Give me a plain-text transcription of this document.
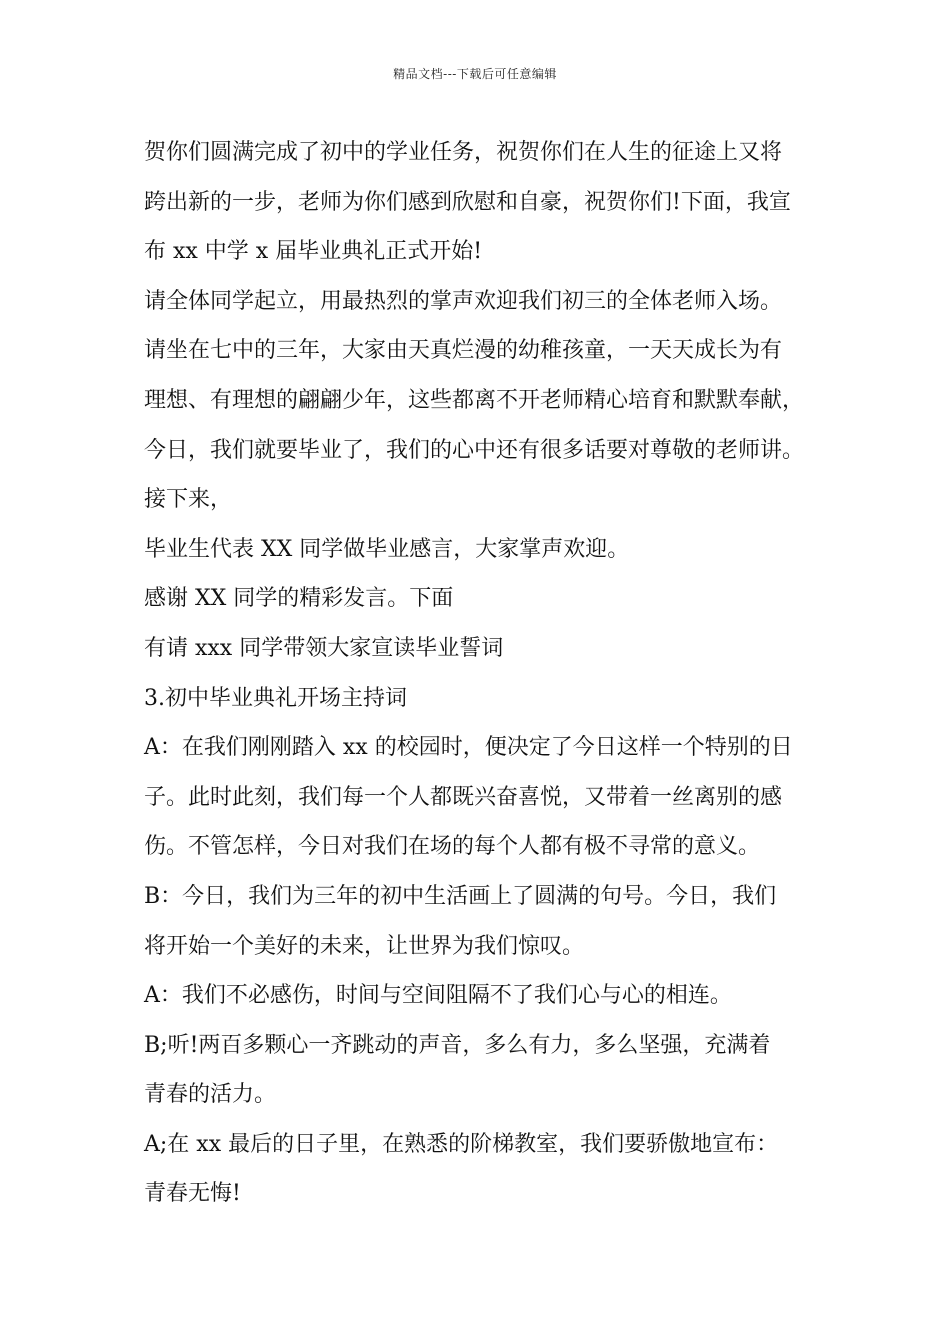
精品文档---下载后可任意编辑
贺你们圆满完成了初中的学业任务，祝贺你们在人生的征途上又将
跨出新的一步，老师为你们感到欣慰和自豪，祝贺你们!下面，我宣
布 xx 中学 x 届毕业典礼正式开始!
请全体同学起立，用最热烈的掌声欢迎我们初三的全体老师入场。
请坐在七中的三年，大家由天真烂漫的幼稚孩童，一天天成长为有
理想、有理想的翩翩少年，这些都离不开老师精心培育和默默奉献，
今日，我们就要毕业了，我们的心中还有很多话要对尊敬的老师讲。
接下来，
毕业生代表 XX 同学做毕业感言，大家掌声欢迎。
感谢 XX 同学的精彩发言。下面
有请 xxx 同学带领大家宣读毕业誓词
3.初中毕业典礼开场主持词
A：在我们刚刚踏入 xx 的校园时，便决定了今日这样一个特别的日
子。此时此刻，我们每一个人都既兴奋喜悦，又带着一丝离别的感
伤。不管怎样，今日对我们在场的每个人都有极不寻常的意义。
B：今日，我们为三年的初中生活画上了圆满的句号。今日，我们
将开始一个美好的未来，让世界为我们惊叹。
A：我们不必感伤，时间与空间阻隔不了我们心与心的相连。
B;听!两百多颗心一齐跳动的声音，多么有力，多么坚强，充满着
青春的活力。
A;在 xx 最后的日子里，在熟悉的阶梯教室，我们要骄傲地宣布：
青春无悔!
